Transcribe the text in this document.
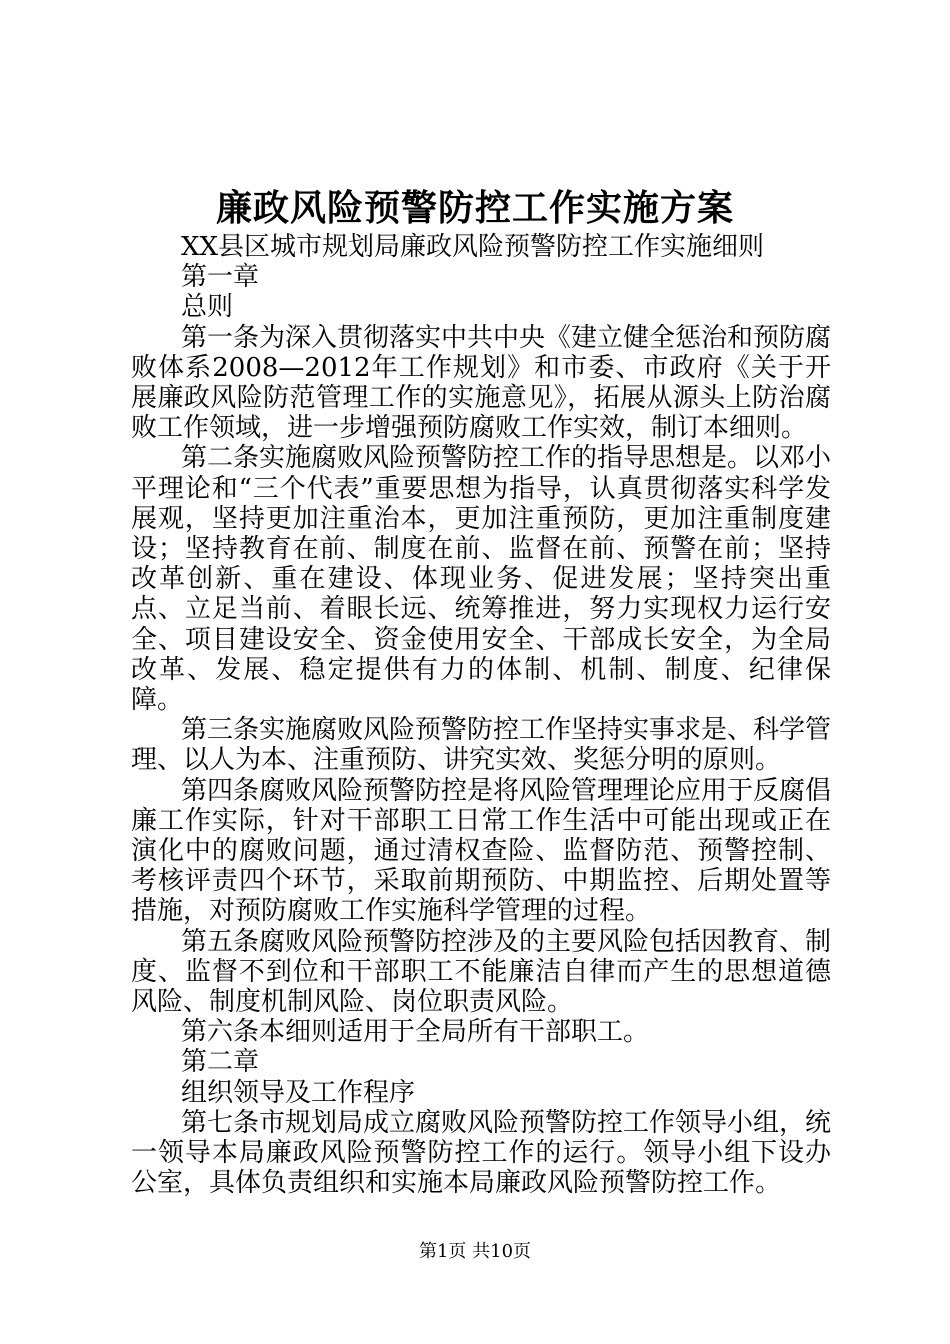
廉政风险预警防控工作实施方案

XX县区城市规划局廉政风险预警防控工作实施细则

第一章

总则

第一条为深入贯彻落实中共中央《建立健全惩治和预防腐败体系2008—2012年工作规划》和市委、市政府《关于开展廉政风险防范管理工作的实施意见》，拓展从源头上防治腐败工作领域，进一步增强预防腐败工作实效，制订本细则。

第二条实施腐败风险预警防控工作的指导思想是。以邓小平理论和“三个代表”重要思想为指导，认真贯彻落实科学发展观，坚持更加注重治本，更加注重预防，更加注重制度建设；坚持教育在前、制度在前、监督在前、预警在前；坚持改革创新、重在建设、体现业务、促进发展；坚持突出重点、立足当前、着眼长远、统筹推进，努力实现权力运行安全、项目建设安全、资金使用安全、干部成长安全，为全局改革、发展、稳定提供有力的体制、机制、制度、纪律保障。

第三条实施腐败风险预警防控工作坚持实事求是、科学管理、以人为本、注重预防、讲究实效、奖惩分明的原则。

第四条腐败风险预警防控是将风险管理理论应用于反腐倡廉工作实际，针对干部职工日常工作生活中可能出现或正在演化中的腐败问题，通过清权查险、监督防范、预警控制、考核评责四个环节，采取前期预防、中期监控、后期处置等措施，对预防腐败工作实施科学管理的过程。

第五条腐败风险预警防控涉及的主要风险包括因教育、制度、监督不到位和干部职工不能廉洁自律而产生的思想道德风险、制度机制风险、岗位职责风险。

第六条本细则适用于全局所有干部职工。

第二章

组织领导及工作程序

第七条市规划局成立腐败风险预警防控工作领导小组，统一领导本局廉政风险预警防控工作的运行。领导小组下设办公室，具体负责组织和实施本局廉政风险预警防控工作。

第1页 共10页
